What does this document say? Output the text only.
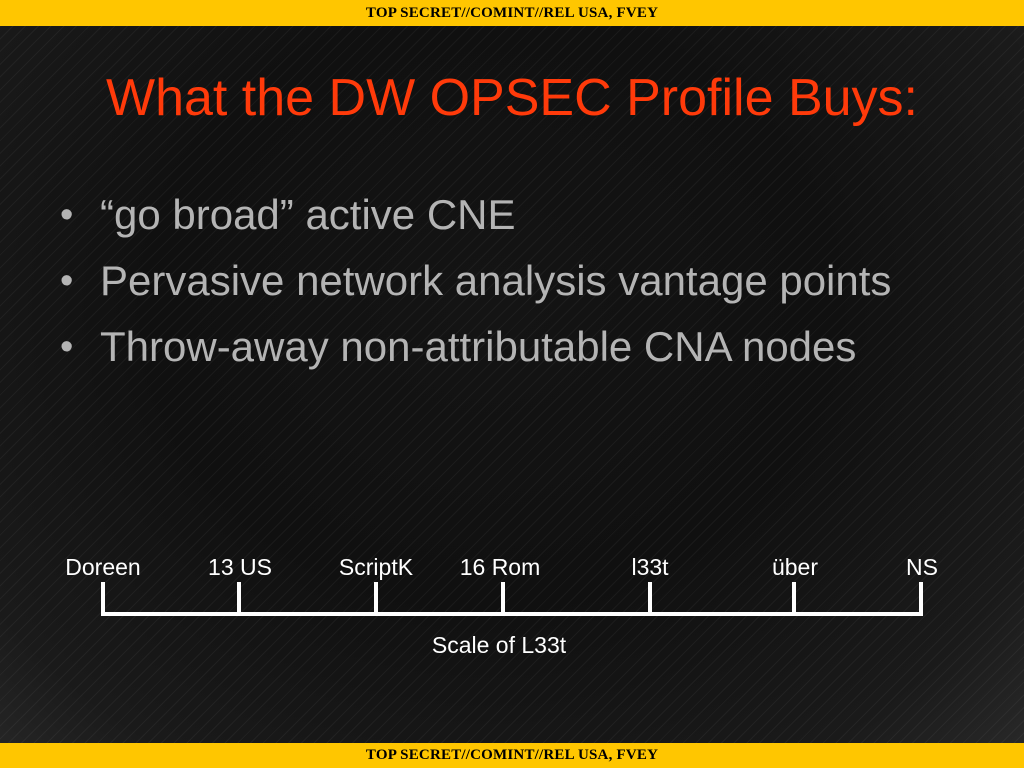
TOP SECRET//COMINT//REL USA, FVEY
What the DW OPSEC Profile Buys:
• “go broad” active CNE
• Pervasive network analysis vantage points
• Throw-away non-attributable CNA nodes
Doreen	13 US	ScriptK 16 Rom	l33t	über	NS
Scale of L33t
TOP SECRET//COMINT//REL USA, FVEY
